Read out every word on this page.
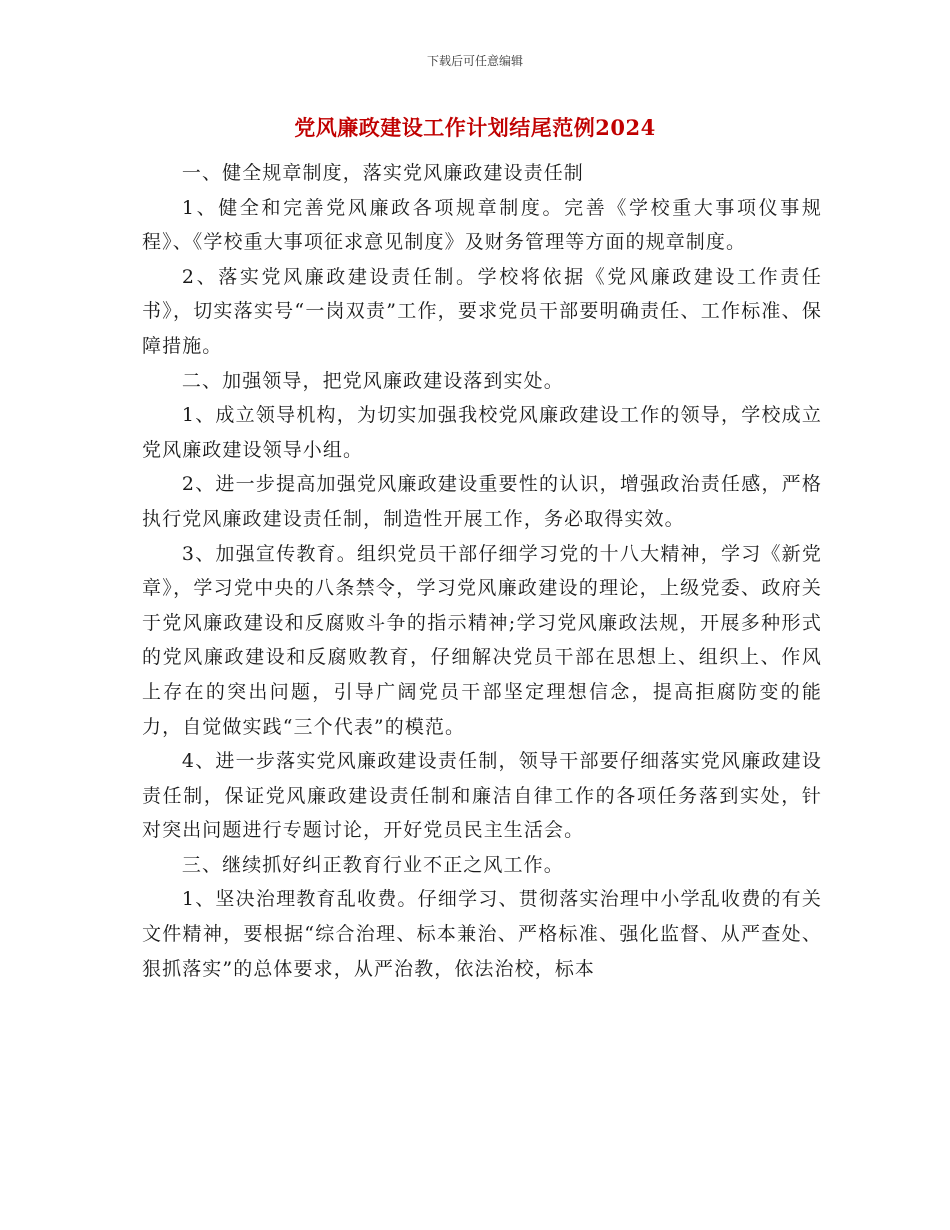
下载后可任意编辑
党风廉政建设工作计划结尾范例2024

一、健全规章制度，落实党风廉政建设责任制

1、健全和完善党风廉政各项规章制度。完善《学校重大事项仪事规程》、《学校重大事项征求意见制度》及财务管理等方面的规章制度。

2、落实党风廉政建设责任制。学校将依据《党风廉政建设工作责任书》，切实落实号“一岗双责”工作，要求党员干部要明确责任、工作标准、保障措施。

二、加强领导，把党风廉政建设落到实处。

1、成立领导机构，为切实加强我校党风廉政建设工作的领导，学校成立党风廉政建设领导小组。

2、进一步提高加强党风廉政建设重要性的认识，增强政治责任感，严格执行党风廉政建设责任制，制造性开展工作，务必取得实效。

3、加强宣传教育。组织党员干部仔细学习党的十八大精神，学习《新党章》，学习党中央的八条禁令，学习党风廉政建设的理论，上级党委、政府关于党风廉政建设和反腐败斗争的指示精神;学习党风廉政法规，开展多种形式的党风廉政建设和反腐败教育，仔细解决党员干部在思想上、组织上、作风上存在的突出问题，引导广阔党员干部坚定理想信念，提高拒腐防变的能力，自觉做实践“三个代表”的模范。

4、进一步落实党风廉政建设责任制，领导干部要仔细落实党风廉政建设责任制，保证党风廉政建设责任制和廉洁自律工作的各项任务落到实处，针对突出问题进行专题讨论，开好党员民主生活会。

三、继续抓好纠正教育行业不正之风工作。

1、坚决治理教育乱收费。仔细学习、贯彻落实治理中小学乱收费的有关文件精神，要根据“综合治理、标本兼治、严格标准、强化监督、从严查处、狠抓落实”的总体要求，从严治教，依法治校，标本
